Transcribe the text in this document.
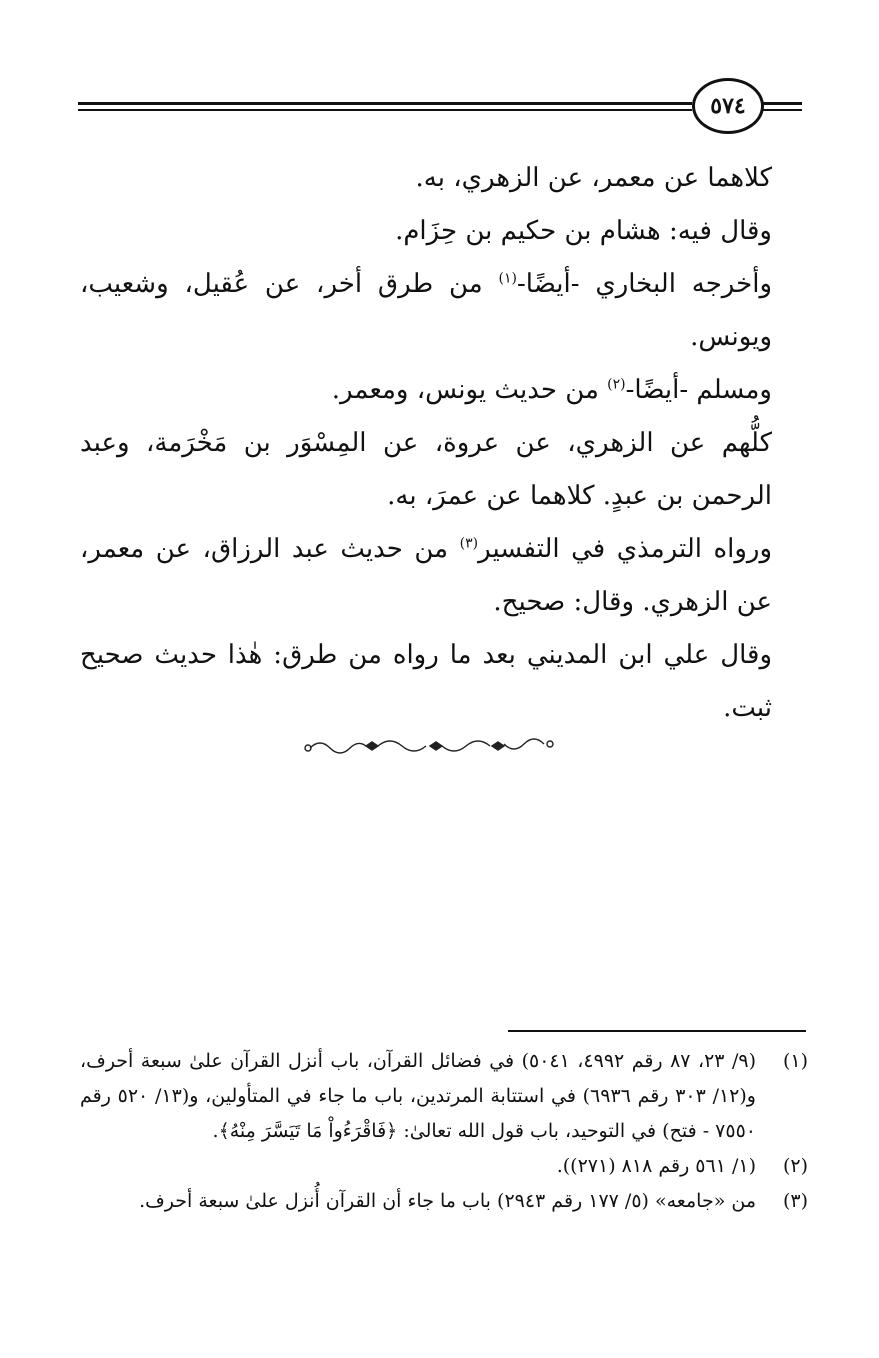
٥٧٤

كلاهما عن معمر، عن الزهري، به.

وقال فيه: هشام بن حكيم بن حِزَام.

وأخرجه البخاري -أيضًا-$^{(١)}$ من طرق أخر، عن عُقيل، وشعيب، ويونس.

ومسلم -أيضًا-$^{(٢)}$ من حديث يونس، ومعمر.

كلُّهم عن الزهري، عن عروة، عن المِسْوَر بن مَخْرَمة، وعبد الرحمن بن عبدٍ. كلاهما عن عمرَ، به.

ورواه الترمذي في التفسير$^{(٣)}$ من حديث عبد الرزاق، عن معمر، عن الزهري. وقال: صحيح.

وقال علي ابن المديني بعد ما رواه من طرق: هٰذا حديث صحيح ثبت.

(١)
(٩/ ٢٣، ٨٧ رقم ٤٩٩٢، ٥٠٤١) في فضائل القرآن، باب أنزل القرآن علىٰ سبعة أحرف، و(١٢/ ٣٠٣ رقم ٦٩٣٦) في استتابة المرتدين، باب ما جاء في المتأولين، و(١٣/ ٥٢٠ رقم ٧٥٥٠ - فتح) في التوحيد، باب قول الله تعالىٰ: ﴿فَاقْرَءُواْ مَا تَيَسَّرَ مِنْهُ﴾.
(٢)
(١/ ٥٦١ رقم ٨١٨ (٢٧١)).
(٣)
من «جامعه» (٥/ ١٧٧ رقم ٢٩٤٣) باب ما جاء أن القرآن أُنزل علىٰ سبعة أحرف.
